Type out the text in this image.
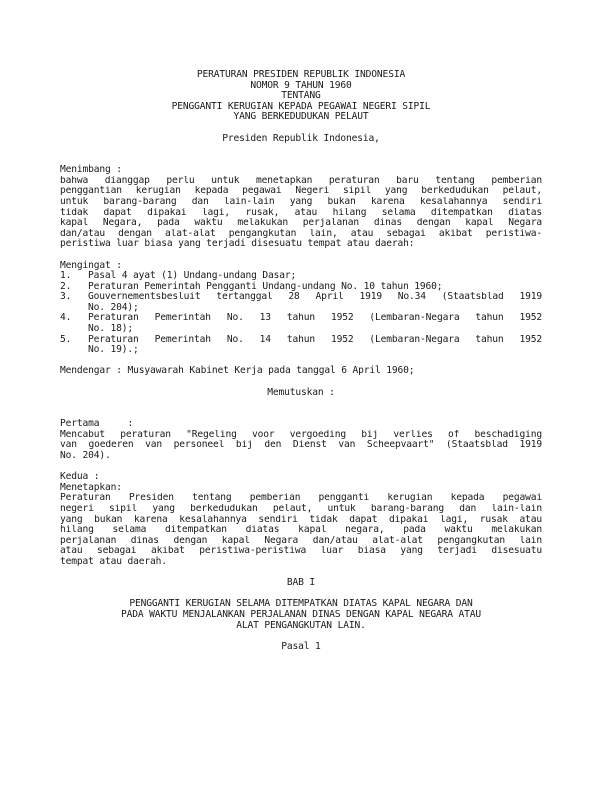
PERATURAN PRESIDEN REPUBLIK INDONESIA
NOMOR 9 TAHUN 1960
TENTANG
PENGGANTI KERUGIAN KEPADA PEGAWAI NEGERI SIPIL
YANG BERKEDUDUKAN PELAUT
Presiden Republik Indonesia,
Menimbang :
bahwa dianggap perlu untuk menetapkan peraturan baru tentang pemberian
penggantian kerugian kepada pegawai Negeri sipil yang berkedudukan pelaut,
untuk barang-barang dan lain-lain yang bukan karena kesalahannya sendiri
tidak dapat dipakai lagi, rusak, atau hilang selama ditempatkan diatas
kapal Negara, pada waktu melakukan perjalanan dinas dengan kapal Negara
dan/atau dengan alat-alat pengangkutan lain, atau sebagai akibat peristiwa-
peristiwa luar biasa yang terjadi disesuatu tempat atau daerah:
Mengingat :
1.	Pasal 4 ayat (1) Undang-undang Dasar;
2.	Peraturan Pemerintah Pengganti Undang-undang No. 10 tahun 1960;
3.	Gouvernementsbesluit tertanggal 28 April 1919 No.34 (Staatsblad 1919
No. 204);
4.	Peraturan Pemerintah No. 13 tahun 1952 (Lembaran-Negara tahun 1952
No. 18);
5.	Peraturan Pemerintah No. 14 tahun 1952 (Lembaran-Negara tahun 1952
No. 19).;
Mendengar : Musyawarah Kabinet Kerja pada tanggal 6 April 1960;
Memutuskan :
Pertama     :
Mencabut peraturan "Regeling voor vergoeding bij verlies of beschadiging
van goederen van personeel bij den Dienst van Scheepvaart" (Staatsblad 1919
No. 204).
Kedua :
Menetapkan:
Peraturan Presiden tentang pemberian pengganti kerugian kepada pegawai
negeri sipil yang berkedudukan pelaut, untuk barang-barang dan lain-lain
yang bukan karena kesalahannya sendiri tidak dapat dipakai lagi, rusak atau
hilang selama ditempatkan diatas kapal negara, pada waktu melakukan
perjalanan dinas dengan kapal Negara dan/atau alat-alat pengangkutan lain
atau sebagai akibat peristiwa-peristiwa luar biasa yang terjadi disesuatu
tempat atau daerah.
BAB I
PENGGANTI KERUGIAN SELAMA DITEMPATKAN DIATAS KAPAL NEGARA DAN
PADA WAKTU MENJALANKAN PERJALANAN DINAS DENGAN KAPAL NEGARA ATAU
ALAT PENGANGKUTAN LAIN.
Pasal 1
